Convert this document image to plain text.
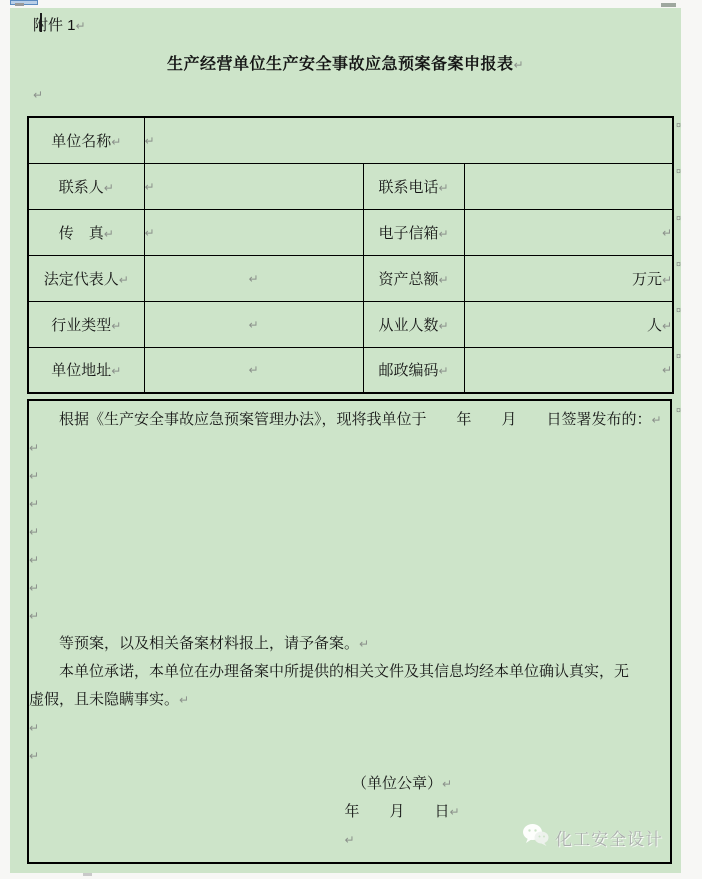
附件 1↵
生产经营单位生产安全事故应急预案备案申报表↵
↵
单位名称↵	↵		
联系人↵	↵	联系电话↵	
传　真↵	↵	电子信箱↵	↵
法定代表人↵	↵	资产总额↵	万元↵
行业类型↵	↵	从业人数↵	人↵
单位地址↵	↵	邮政编码↵	↵
¤
¤
¤
¤
¤
¤
¤

根据《生产安全事故应急预案管理办法》，现将我单位于　　年　　月　　日签署发布的：↵

↵

↵

↵

↵

↵

↵

↵

等预案，以及相关备案材料报上，请予备案。↵

本单位承诺，本单位在办理备案中所提供的相关文件及其信息均经本单位确认真实，无虚假，且未隐瞒事实。↵

↵

↵

（单位公章）↵

年　　月　　日↵

↵	化工安全设计
